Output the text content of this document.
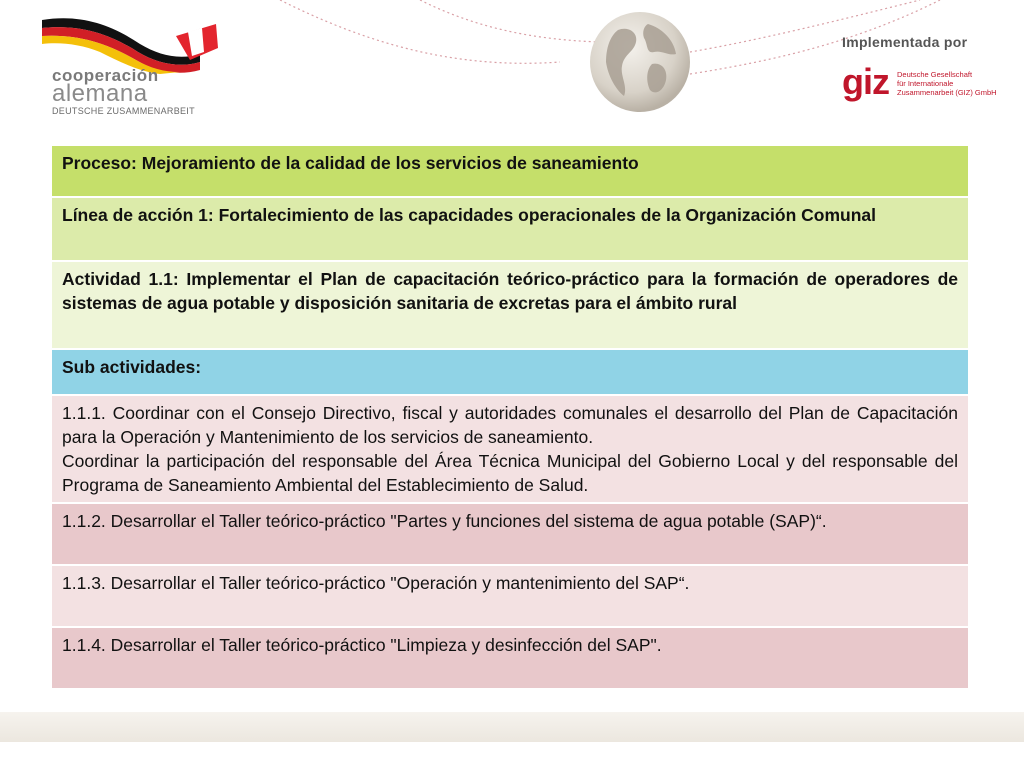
cooperación
alemana
DEUTSCHE ZUSAMMENARBEIT
Implementada por
giz Deutsche Gesellschaft
für Internationale
Zusammenarbeit (GIZ) GmbH
Proceso: Mejoramiento de la calidad de los servicios de saneamiento
Línea de acción 1: Fortalecimiento de las capacidades operacionales de la Organización Comunal
Actividad 1.1: Implementar el Plan de capacitación teórico-práctico para la formación de operadores de sistemas de agua potable y disposición sanitaria de excretas para el ámbito rural
Sub actividades:

1.1.1. Coordinar con el Consejo Directivo, fiscal y autoridades comunales el desarrollo del Plan de Capacitación para la Operación y Mantenimiento de los servicios de saneamiento.
Coordinar la participación del responsable del Área Técnica Municipal del Gobierno Local y del responsable del Programa de Saneamiento Ambiental del Establecimiento de Salud.

1.1.2. Desarrollar el Taller teórico-práctico "Partes y funciones del sistema de agua potable (SAP)“.
1.1.3. Desarrollar el Taller teórico-práctico "Operación y mantenimiento del SAP“.
1.1.4. Desarrollar el Taller teórico-práctico "Limpieza y desinfección del SAP".
